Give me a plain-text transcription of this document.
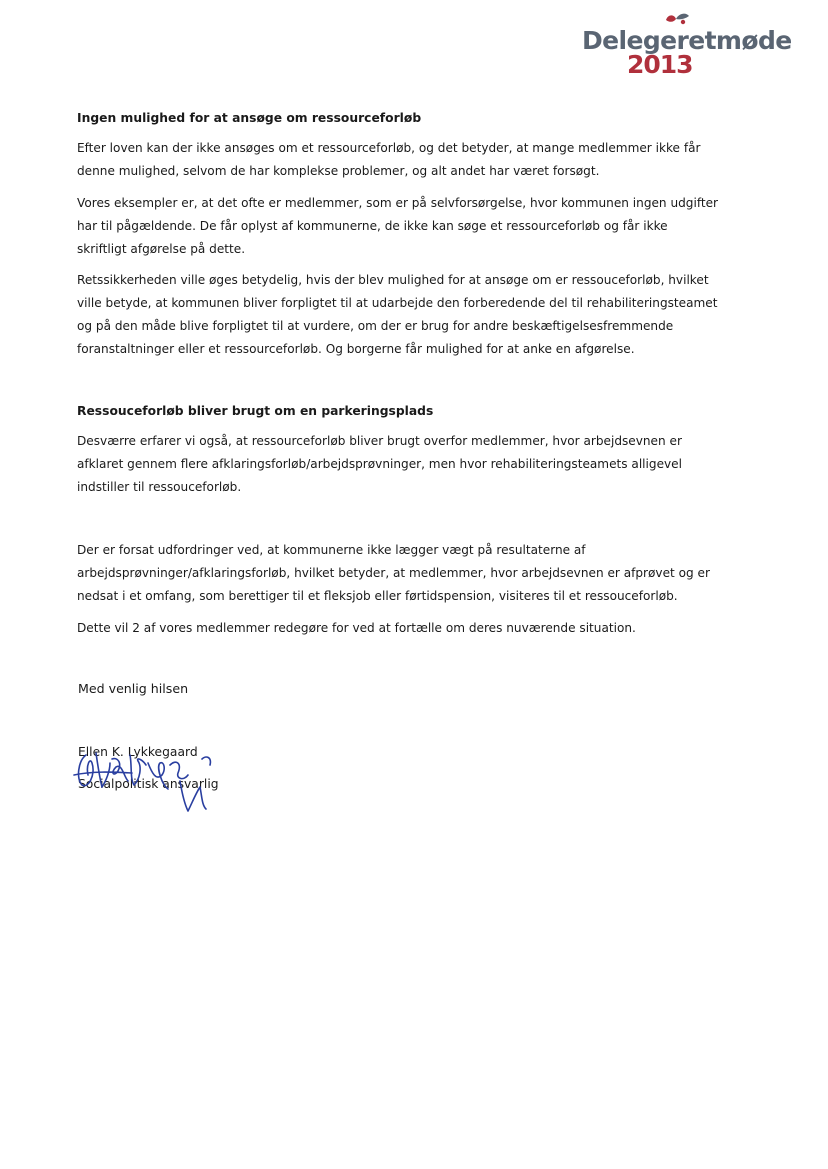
Delegeretmøde
2013
Ingen mulighed for at ansøge om ressourceforløb

Efter loven kan der ikke ansøges om et ressourceforløb, og det betyder, at mange medlemmer ikke får
denne mulighed, selvom de har komplekse problemer, og alt andet har været forsøgt.

Vores eksempler er, at det ofte er medlemmer, som er på selvforsørgelse, hvor kommunen ingen udgifter
har til pågældende. De får oplyst af kommunerne, de ikke kan søge et ressourceforløb og får ikke
skriftligt afgørelse på dette.

Retssikkerheden ville øges betydelig, hvis der blev mulighed for at ansøge om er ressouceforløb, hvilket
ville betyde, at kommunen bliver forpligtet til at udarbejde den forberedende del til rehabiliteringsteamet
og på den måde blive forpligtet til at vurdere, om der er brug for andre beskæftigelsesfremmende
foranstaltninger eller et ressourceforløb. Og borgerne får mulighed for at anke en afgørelse.

Ressouceforløb bliver brugt om en parkeringsplads

Desværre erfarer vi også, at ressourceforløb bliver brugt overfor medlemmer, hvor arbejdsevnen er
afklaret gennem flere afklaringsforløb/arbejdsprøvninger, men hvor rehabiliteringsteamets alligevel
indstiller til ressouceforløb.

Der er forsat udfordringer ved, at kommunerne ikke lægger vægt på resultaterne af
arbejdsprøvninger/afklaringsforløb, hvilket betyder, at medlemmer, hvor arbejdsevnen er afprøvet og er
nedsat i et omfang, som berettiger til et fleksjob eller førtidspension, visiteres til et ressouceforløb.

Dette vil 2 af vores medlemmer redegøre for ved at fortælle om deres nuværende situation.

Med venlig hilsen
Ellen K. Lykkegaard
Socialpolitisk ansvarlig
